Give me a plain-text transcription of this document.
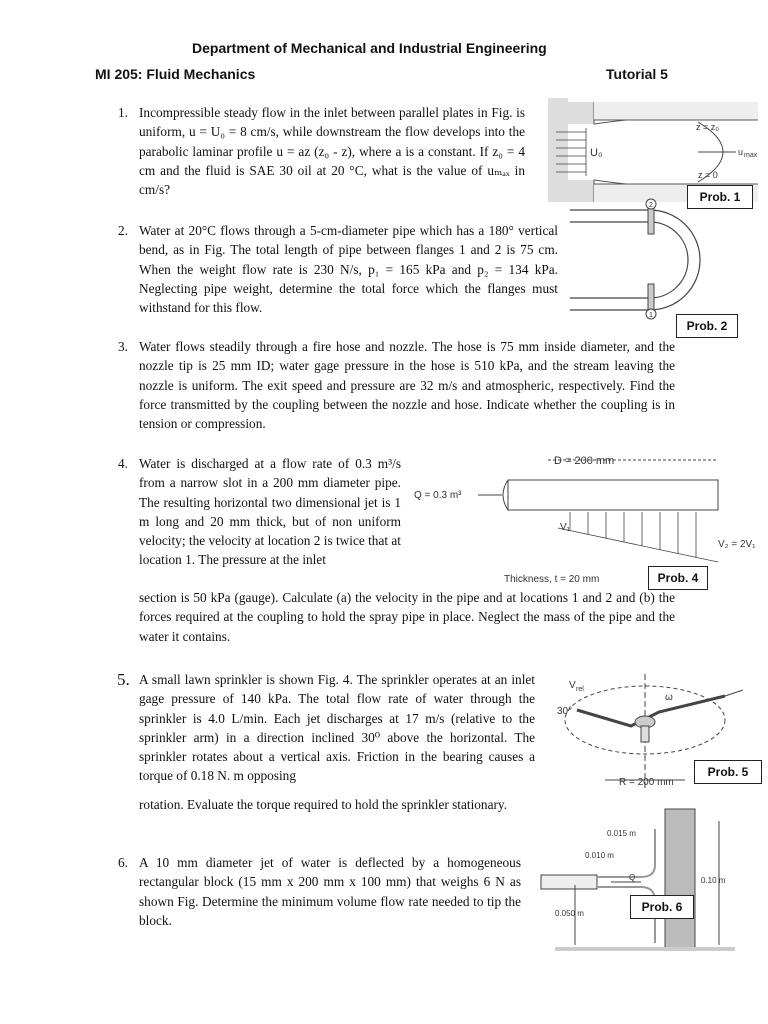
Department of Mechanical and Industrial Engineering
MI 205: Fluid Mechanics	Tutorial 5
1. Incompressible steady flow in the inlet between parallel plates in Fig. is uniform, u = U₀ = 8 cm/s, while downstream the flow develops into the parabolic laminar profile u = az (z₀ - z), where a is a constant. If z₀ = 4 cm and the fluid is SAE 30 oil at 20 °C, what is the value of uₘₐₓ in cm/s?
U₀
z = z₀
u max
z = 0
Prob. 1
2. Water at 20°C flows through a 5-cm-diameter pipe which has a 180° vertical bend, as in Fig. The total length of pipe between flanges 1 and 2 is 75 cm. When the weight flow rate is 230 N/s, p₁ = 165 kPa and p₂ = 134 kPa. Neglecting pipe weight, determine the total force which the flanges must withstand for this flow.
2
1
Prob. 2
3. Water flows steadily through a fire hose and nozzle. The hose is 75 mm inside diameter, and the nozzle tip is 25 mm ID; water gage pressure in the hose is 510 kPa, and the stream leaving the nozzle is uniform. The exit speed and pressure are 32 m/s and atmospheric, respectively. Find the force transmitted by the coupling between the nozzle and hose. Indicate whether the coupling is in tension or compression.
4. Water is discharged at a flow rate of 0.3 m³/s from a narrow slot in a 200 mm diameter pipe. The resulting horizontal two dimensional jet is 1 m long and 20 mm thick, but of non uniform velocity; the velocity at location 2 is twice that at location 1. The pressure at the inlet
section is 50 kPa (gauge). Calculate (a) the velocity in the pipe and at locations 1 and 2 and (b) the forces required at the coupling to hold the spray pipe in place. Neglect the mass of the pipe and the water it contains.
D = 200 mm
Q = 0.3 m³
V₁
V₂ = 2V₁
Thickness, t = 20 mm	Prob. 4
5. A small lawn sprinkler is shown Fig. 4. The sprinkler operates at an inlet gage pressure of 140 kPa. The total flow rate of water through the sprinkler is 4.0 L/min. Each jet discharges at 17 m/s (relative to the sprinkler arm) in a direction inclined 30⁰ above the horizontal. The sprinkler rotates about a vertical axis. Friction in the bearing causes a torque of 0.18 N. m opposing
rotation. Evaluate the torque required to hold the sprinkler stationary.
V rel
30°
ω
R = 200 mm
Prob. 5
6. A 10 mm diameter jet of water is deflected by a homogeneous rectangular block (15 mm x 200 mm x 100 mm) that weighs 6 N as shown Fig. Determine the minimum volume flow rate needed to tip the block.
Q
0.015 m
0.010 m
0.10 m
0.050 m	Prob. 6
